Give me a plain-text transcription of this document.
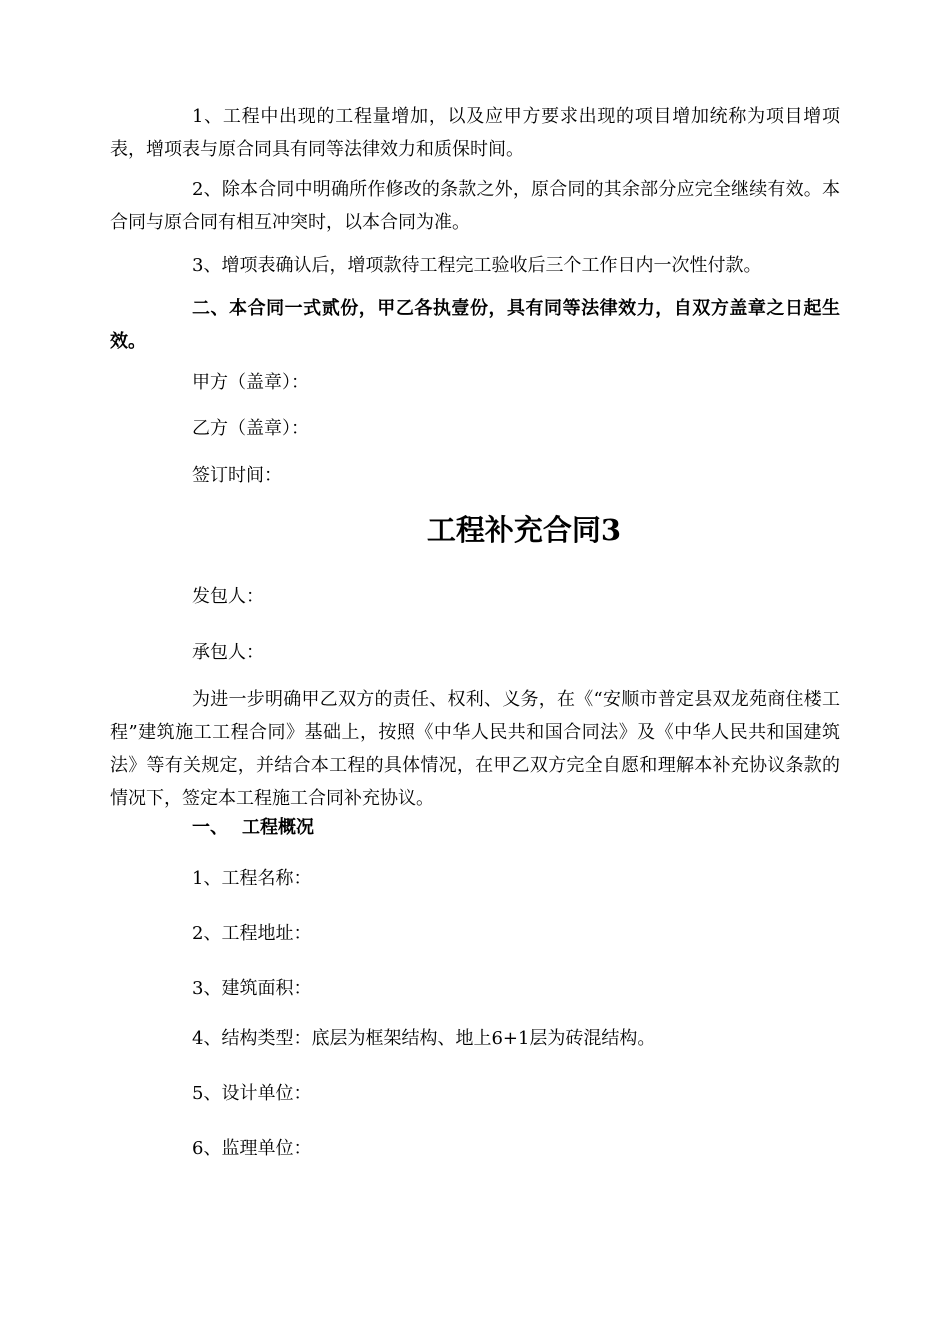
1、工程中出现的工程量增加，以及应甲方要求出现的项目增加统称为项目增项表，增项表与原合同具有同等法律效力和质保时间。

2、除本合同中明确所作修改的条款之外，原合同的其余部分应完全继续有效。本合同与原合同有相互冲突时，以本合同为准。

3、增项表确认后，增项款待工程完工验收后三个工作日内一次性付款。

二、本合同一式贰份，甲乙各执壹份，具有同等法律效力，自双方盖章之日起生效。

甲方（盖章）：

乙方（盖章）：

签订时间：

工程补充合同3

发包人：

承包人：

为进一步明确甲乙双方的责任、权利、义务，在《“安顺市普定县双龙苑商住楼工程”建筑施工工程合同》基础上，按照《中华人民共和国合同法》及《中华人民共和国建筑法》等有关规定，并结合本工程的具体情况，在甲乙双方完全自愿和理解本补充协议条款的情况下，签定本工程施工合同补充协议。

一、 工程概况

1、工程名称：

2、工程地址：

3、建筑面积：

4、结构类型：底层为框架结构、地上6+1层为砖混结构。

5、设计单位：

6、监理单位：
